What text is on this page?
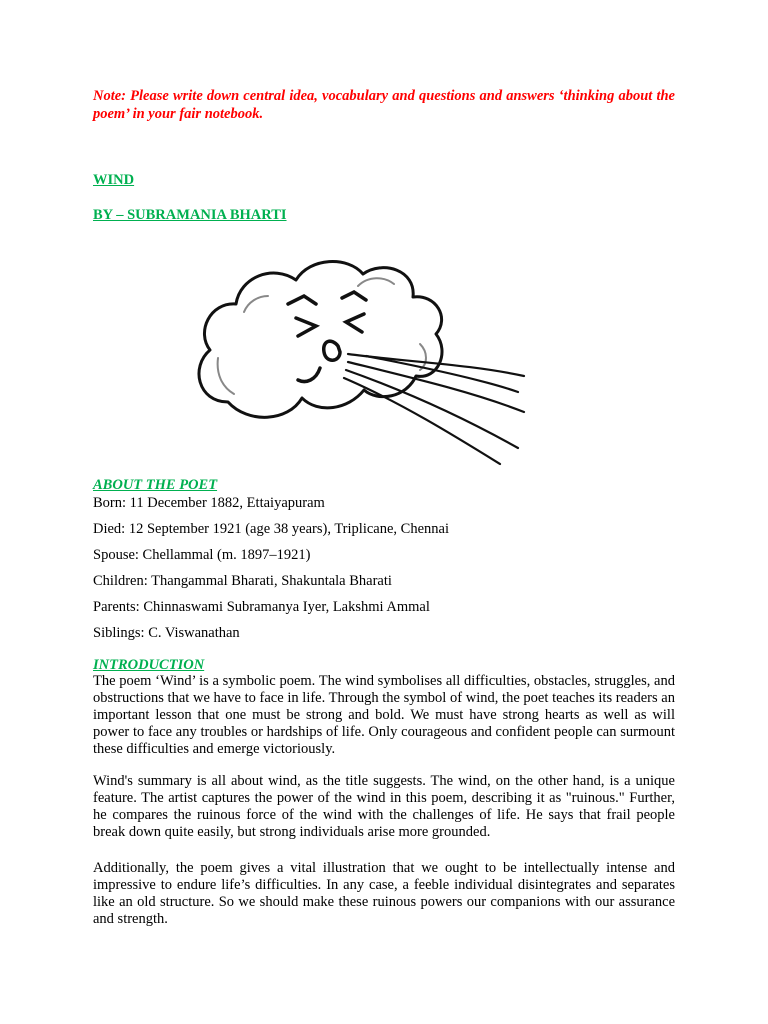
Note: Please write down central idea, vocabulary and questions and answers ‘thinking about the poem’ in your fair notebook.

WIND

BY – SUBRAMANIA BHARTI

ABOUT THE POET

Born: 11 December 1882, Ettaiyapuram

Died: 12 September 1921 (age 38 years), Triplicane, Chennai

Spouse: Chellammal (m. 1897–1921)

Children: Thangammal Bharati, Shakuntala Bharati

Parents: Chinnaswami Subramanya Iyer, Lakshmi Ammal

Siblings: C. Viswanathan

INTRODUCTION

The poem ‘Wind’ is a symbolic poem. The wind symbolises all difficulties, obstacles, struggles, and obstructions that we have to face in life. Through the symbol of wind, the poet teaches its readers an important lesson that one must be strong and bold. We must have strong hearts as well as will power to face any troubles or hardships of life. Only courageous and confident people can surmount these difficulties and emerge victoriously.

Wind's summary is all about wind, as the title suggests. The wind, on the other hand, is a unique feature. The artist captures the power of the wind in this poem, describing it as "ruinous." Further, he compares the ruinous force of the wind with the challenges of life. He says that frail people break down quite easily, but strong individuals arise more grounded.

Additionally, the poem gives a vital illustration that we ought to be intellectually intense and impressive to endure life’s difficulties. In any case, a feeble individual disintegrates and separates like an old structure. So we should make these ruinous powers our companions with our assurance and strength.
